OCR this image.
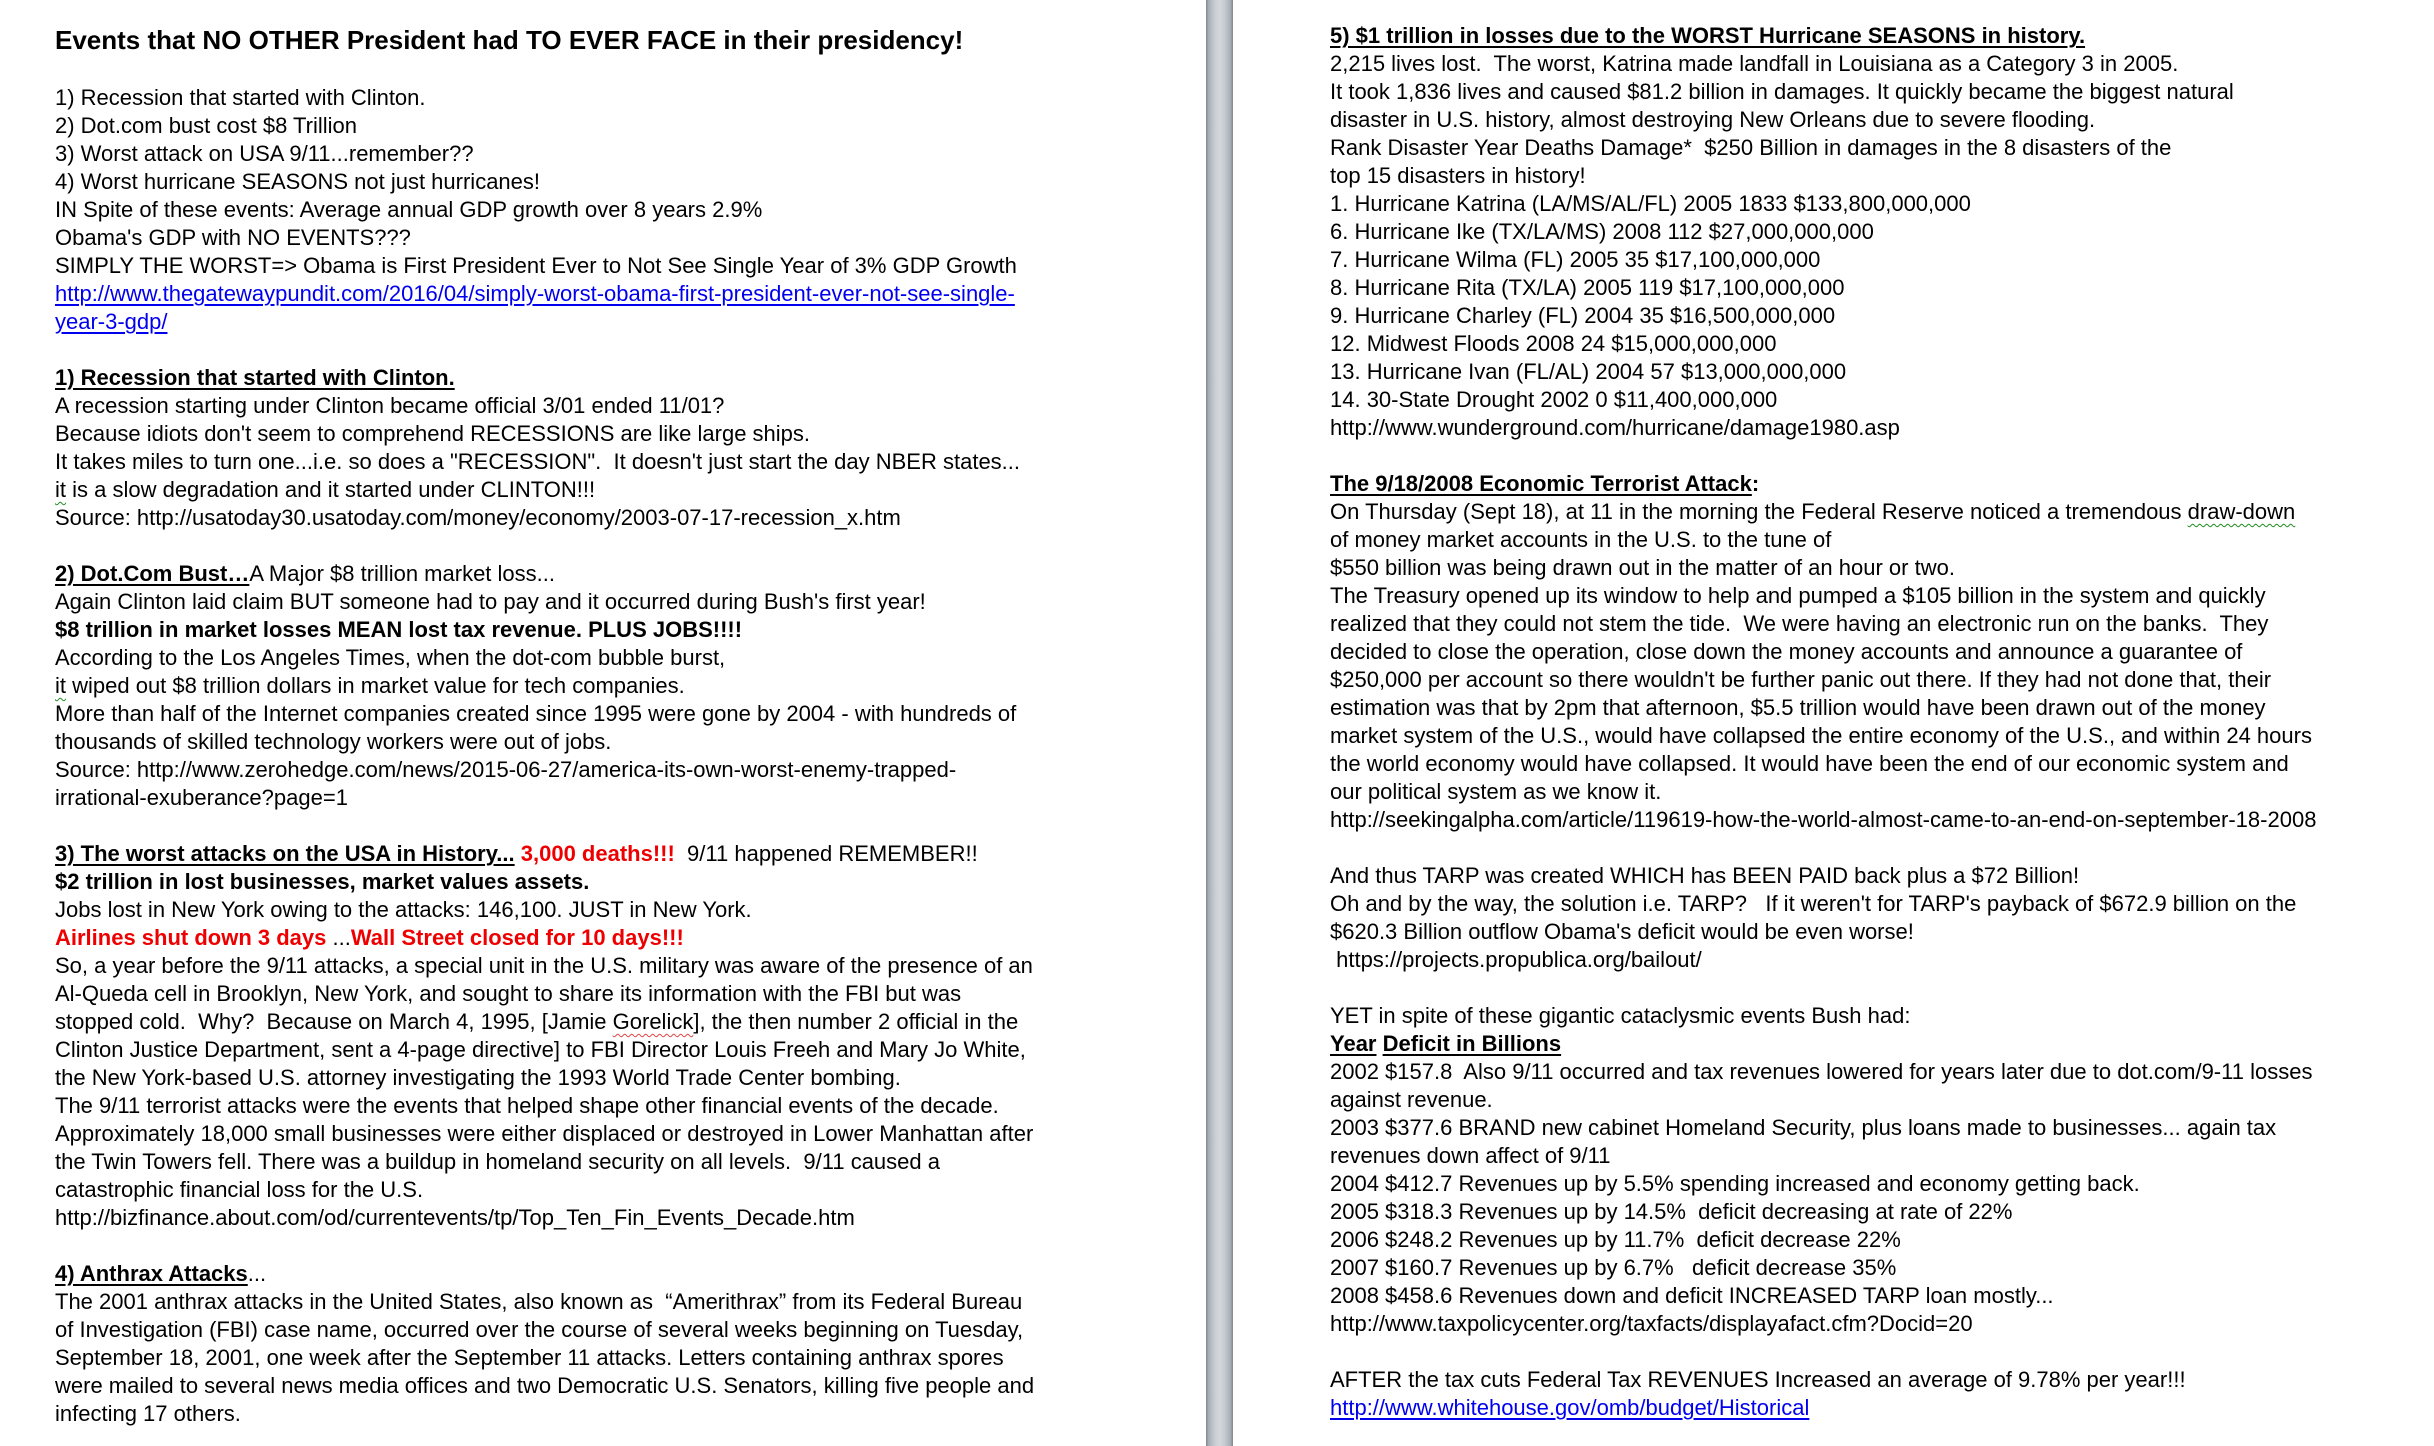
Events that NO OTHER President had TO EVER FACE in their presidency!
1) Recession that started with Clinton.
2) Dot.com bust cost $8 Trillion
3) Worst attack on USA 9/11...remember??
4) Worst hurricane SEASONS not just hurricanes!
IN Spite of these events: Average annual GDP growth over 8 years 2.9%
Obama's GDP with NO EVENTS???
SIMPLY THE WORST=> Obama is First President Ever to Not See Single Year of 3% GDP Growth
http://www.thegatewaypundit.com/2016/04/simply-worst-obama-first-president-ever-not-see-single-
year-3-gdp/
1) Recession that started with Clinton.
A recession starting under Clinton became official 3/01 ended 11/01?
Because idiots don't seem to comprehend RECESSIONS are like large ships.
It takes miles to turn one...i.e. so does a "RECESSION".  It doesn't just start the day NBER states...
it is a slow degradation and it started under CLINTON!!!
Source: http://usatoday30.usatoday.com/money/economy/2003-07-17-recession_x.htm
2) Dot.Com Bust…A Major $8 trillion market loss...
Again Clinton laid claim BUT someone had to pay and it occurred during Bush's first year!
$8 trillion in market losses MEAN lost tax revenue. PLUS JOBS!!!!
According to the Los Angeles Times, when the dot-com bubble burst,
it wiped out $8 trillion dollars in market value for tech companies.
More than half of the Internet companies created since 1995 were gone by 2004 - with hundreds of
thousands of skilled technology workers were out of jobs.
Source: http://www.zerohedge.com/news/2015-06-27/america-its-own-worst-enemy-trapped-
irrational-exuberance?page=1
3) The worst attacks on the USA in History... 3,000 deaths!!!  9/11 happened REMEMBER!!
$2 trillion in lost businesses, market values assets.
Jobs lost in New York owing to the attacks: 146,100. JUST in New York.
Airlines shut down 3 days ...Wall Street closed for 10 days!!!
So, a year before the 9/11 attacks, a special unit in the U.S. military was aware of the presence of an
Al-Queda cell in Brooklyn, New York, and sought to share its information with the FBI but was
stopped cold.  Why?  Because on March 4, 1995, [Jamie Gorelick], the then number 2 official in the
Clinton Justice Department, sent a 4-page directive] to FBI Director Louis Freeh and Mary Jo White,
the New York-based U.S. attorney investigating the 1993 World Trade Center bombing.
The 9/11 terrorist attacks were the events that helped shape other financial events of the decade.
Approximately 18,000 small businesses were either displaced or destroyed in Lower Manhattan after
the Twin Towers fell. There was a buildup in homeland security on all levels.  9/11 caused a
catastrophic financial loss for the U.S.
http://bizfinance.about.com/od/currentevents/tp/Top_Ten_Fin_Events_Decade.htm
4) Anthrax Attacks...
The 2001 anthrax attacks in the United States, also known as  “Amerithrax” from its Federal Bureau
of Investigation (FBI) case name, occurred over the course of several weeks beginning on Tuesday,
September 18, 2001, one week after the September 11 attacks. Letters containing anthrax spores
were mailed to several news media offices and two Democratic U.S. Senators, killing five people and
infecting 17 others.
5) $1 trillion in losses due to the WORST Hurricane SEASONS in history.
2,215 lives lost.  The worst, Katrina made landfall in Louisiana as a Category 3 in 2005.
It took 1,836 lives and caused $81.2 billion in damages. It quickly became the biggest natural
disaster in U.S. history, almost destroying New Orleans due to severe flooding.
Rank Disaster Year Deaths Damage*  $250 Billion in damages in the 8 disasters of the
top 15 disasters in history!
1. Hurricane Katrina (LA/MS/AL/FL) 2005 1833 $133,800,000,000
6. Hurricane Ike (TX/LA/MS) 2008 112 $27,000,000,000
7. Hurricane Wilma (FL) 2005 35 $17,100,000,000
8. Hurricane Rita (TX/LA) 2005 119 $17,100,000,000
9. Hurricane Charley (FL) 2004 35 $16,500,000,000
12. Midwest Floods 2008 24 $15,000,000,000
13. Hurricane Ivan (FL/AL) 2004 57 $13,000,000,000
14. 30-State Drought 2002 0 $11,400,000,000
http://www.wunderground.com/hurricane/damage1980.asp
The 9/18/2008 Economic Terrorist Attack:
On Thursday (Sept 18), at 11 in the morning the Federal Reserve noticed a tremendous draw-down
of money market accounts in the U.S. to the tune of
$550 billion was being drawn out in the matter of an hour or two.
The Treasury opened up its window to help and pumped a $105 billion in the system and quickly
realized that they could not stem the tide.  We were having an electronic run on the banks.  They
decided to close the operation, close down the money accounts and announce a guarantee of
$250,000 per account so there wouldn't be further panic out there. If they had not done that, their
estimation was that by 2pm that afternoon, $5.5 trillion would have been drawn out of the money
market system of the U.S., would have collapsed the entire economy of the U.S., and within 24 hours
the world economy would have collapsed. It would have been the end of our economic system and
our political system as we know it.
http://seekingalpha.com/article/119619-how-the-world-almost-came-to-an-end-on-september-18-2008
And thus TARP was created WHICH has BEEN PAID back plus a $72 Billion!
Oh and by the way, the solution i.e. TARP?   If it weren't for TARP's payback of $672.9 billion on the
$620.3 Billion outflow Obama's deficit would be even worse!
https://projects.propublica.org/bailout/
YET in spite of these gigantic cataclysmic events Bush had:
Year Deficit in Billions
2002 $157.8  Also 9/11 occurred and tax revenues lowered for years later due to dot.com/9-11 losses
against revenue.
2003 $377.6 BRAND new cabinet Homeland Security, plus loans made to businesses... again tax
revenues down affect of 9/11
2004 $412.7 Revenues up by 5.5% spending increased and economy getting back.
2005 $318.3 Revenues up by 14.5%  deficit decreasing at rate of 22%
2006 $248.2 Revenues up by 11.7%  deficit decrease 22%
2007 $160.7 Revenues up by 6.7%   deficit decrease 35%
2008 $458.6 Revenues down and deficit INCREASED TARP loan mostly...
http://www.taxpolicycenter.org/taxfacts/displayafact.cfm?Docid=20
AFTER the tax cuts Federal Tax REVENUES Increased an average of 9.78% per year!!!
http://www.whitehouse.gov/omb/budget/Historical
